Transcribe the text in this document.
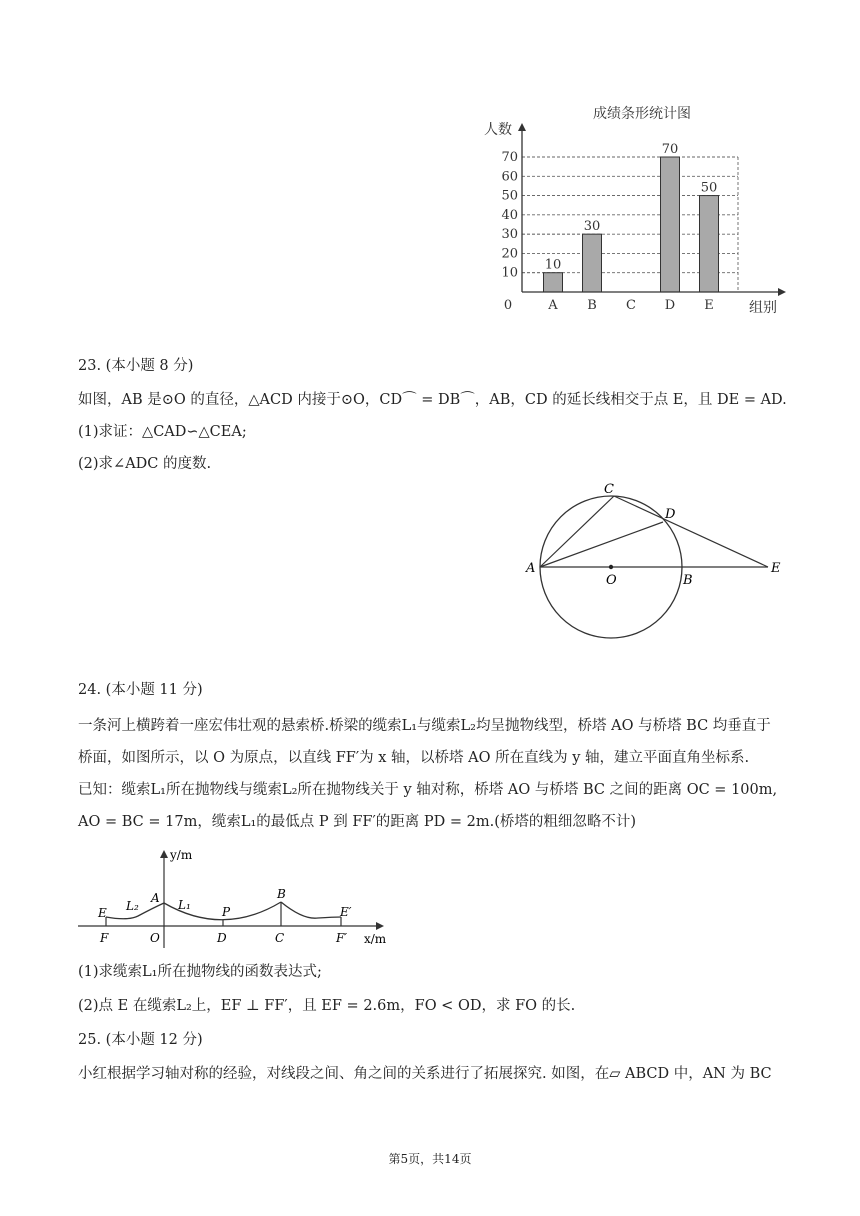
成绩条形统计图
人数
组别
0
10
20
30
40
50
60
70
10
A
30
B C
70
D
50
E
23. (本小题 8 分)
如图，AB 是⊙O 的直径，△ACD 内接于⊙O，CD⌒ = DB⌒，AB，CD 的延长线相交于点 E，且 DE = AD.
(1)求证：△CAD∽△CEA;
(2)求∠ADC 的度数.
A
C
D
O	B
E
24. (本小题 11 分)
一条河上横跨着一座宏伟壮观的悬索桥.桥梁的缆索L₁与缆索L₂均呈抛物线型，桥塔 AO 与桥塔 BC 均垂直于
桥面，如图所示，以 O 为原点，以直线 FF′为 x 轴，以桥塔 AO 所在直线为 y 轴，建立平面直角坐标系.
已知：缆索L₁所在抛物线与缆索L₂所在抛物线关于 y 轴对称，桥塔 AO 与桥塔 BC 之间的距离 OC = 100m,
AO = BC = 17m，缆索L₁的最低点 P 到 FF′的距离 PD = 2m.(桥塔的粗细忽略不计)
y/m
x/m
A
L₂	L₁	P
B
E	E′
F	O	D	C	F′
(1)求缆索L₁所在抛物线的函数表达式;
(2)点 E 在缆索L₂上，EF ⊥ FF′，且 EF = 2.6m，FO < OD，求 FO 的长.
25. (本小题 12 分)
小红根据学习轴对称的经验，对线段之间、角之间的关系进行了拓展探究. 如图，在▱ ABCD 中，AN 为 BC
第5页，共14页
